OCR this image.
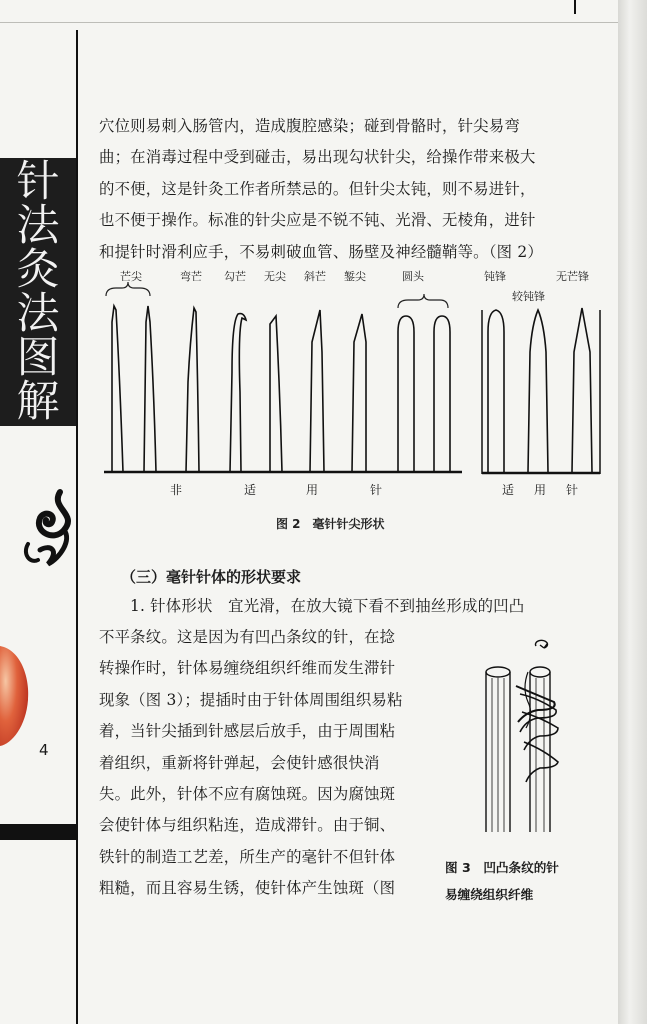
针
法
灸
法
图
解
4
穴位则易刺入肠管内，造成腹腔感染；碰到骨骼时，针尖易弯
曲；在消毒过程中受到碰击，易出现勾状针尖，给操作带来极大
的不便，这是针灸工作者所禁忌的。但针尖太钝，则不易进针，
也不便于操作。标准的针尖应是不锐不钝、光滑、无棱角，进针
和提针时滑利应手，不易刺破血管、肠壁及神经髓鞘等。（图 2）
芒尖	弯芒 勾芒 无尖 斜芒 錾尖	圆头	钝锋	无芒锋
较钝锋
非	适	用	针	适 用 针
图 2　毫针针尖形状
（三）毫针针体的形状要求
1. 针体形状　宜光滑，在放大镜下看不到抽丝形成的凹凸
不平条纹。这是因为有凹凸条纹的针，在捻
转操作时，针体易缠绕组织纤维而发生滞针
现象（图 3）；提插时由于针体周围组织易粘
着，当针尖插到针感层后放手，由于周围粘
着组织，重新将针弹起，会使针感很快消
失。此外，针体不应有腐蚀斑。因为腐蚀斑
会使针体与组织粘连，造成滞针。由于铜、
铁针的制造工艺差，所生产的毫针不但针体
粗糙，而且容易生锈，使针体产生蚀斑（图
图 3　凹凸条纹的针
易缠绕组织纤维
